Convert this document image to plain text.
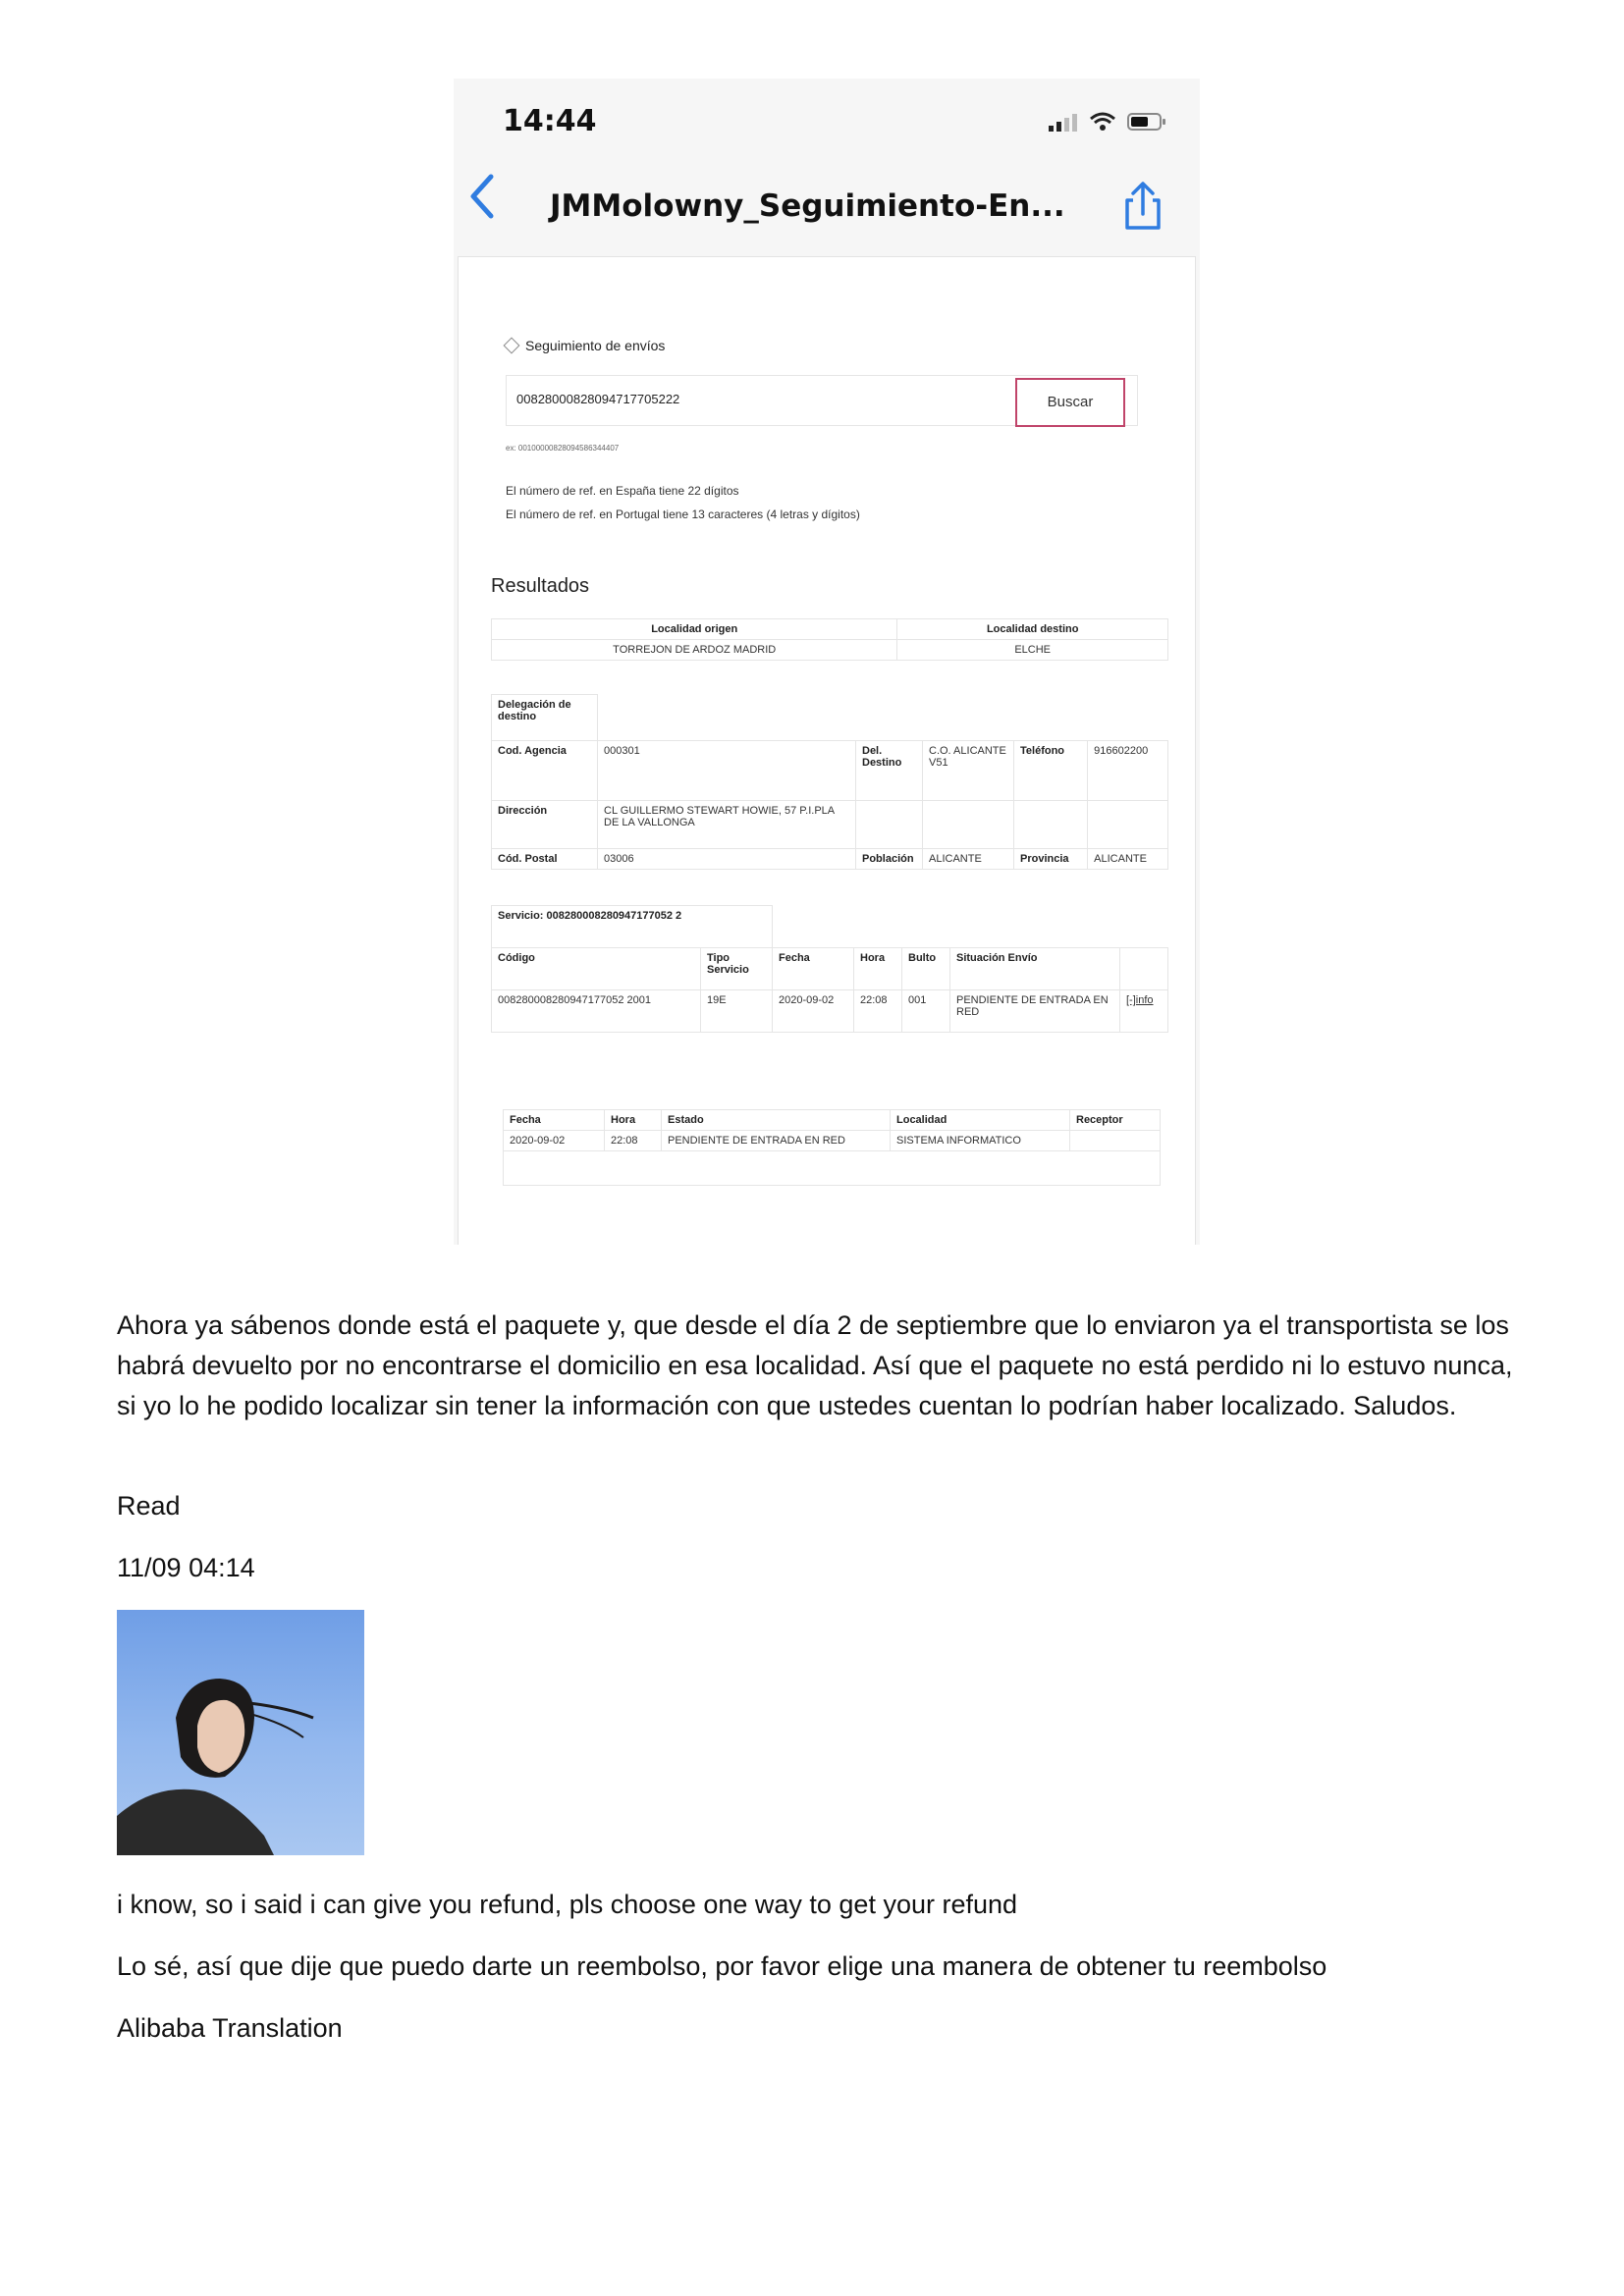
14:44
JMMolowny_Seguimiento-En...
Seguimiento de envíos
00828000828094717705222	Buscar
ex: 00100000828094586344407
El número de ref. en España tiene 22 dígitos
El número de ref. en Portugal tiene 13 caracteres (4 letras y dígitos)
Resultados
Localidad origen	Localidad destino
TORREJON DE ARDOZ MADRID	ELCHE
Delegación de destino					
Cod. Agencia	000301	Del. Destino	C.O. ALICANTE V51	Teléfono	916602200
Dirección	CL GUILLERMO STEWART HOWIE, 57 P.I.PLA DE LA VALLONGA				
Cód. Postal	03006	Población	ALICANTE	Provincia	ALICANTE
Servicio: 008280008280947177052 2						
Código	Tipo Servicio	Fecha	Hora	Bulto	Situación Envío	
008280008280947177052 2001	19E	2020-09-02	22:08	001	PENDIENTE DE ENTRADA EN RED	[-]info
Fecha	Hora	Estado	Localidad	Receptor
2020-09-02	22:08	PENDIENTE DE ENTRADA EN RED	SISTEMA INFORMATICO	

Ahora ya sábenos donde está el paquete y, que desde el día 2 de septiembre que lo enviaron ya el transportista se los habrá devuelto por no encontrarse el domicilio en esa localidad. Así que el paquete no está perdido ni lo estuvo nunca, si yo lo he podido localizar sin tener la información con que ustedes cuentan lo podrían haber localizado. Saludos.
Read
11/09 04:14
i know, so i said i can give you refund, pls choose one way to get your refund
Lo sé, así que dije que puedo darte un reembolso, por favor elige una manera de obtener tu reembolso
Alibaba Translation
